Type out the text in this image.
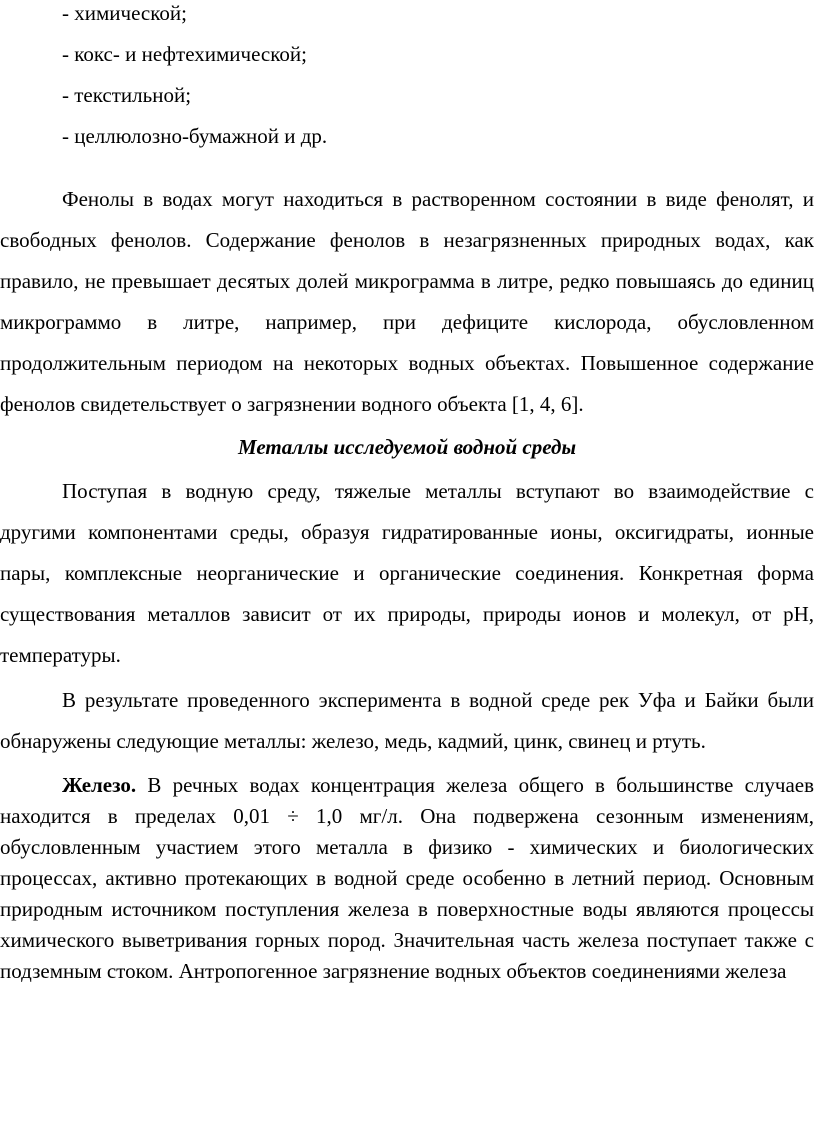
- химической;
- кокс- и нефтехимической;
- текстильной;
- целлюлозно-бумажной и др.

Фенолы в водах могут находиться в растворенном состоянии в виде фенолят, и свободных фенолов. Содержание фенолов в незагрязненных природных водах, как правило, не превышает десятых долей микрограмма в литре, редко повышаясь до единиц микрограммо в литре, например, при дефиците кислорода, обусловленном продолжительным периодом на некоторых водных объектах. Повышенное содержание фенолов свидетельствует о загрязнении водного объекта [1, 4, 6].

Металлы исследуемой водной среды

Поступая в водную среду, тяжелые металлы вступают во взаимодействие с другими компонентами среды, образуя гидратированные ионы, оксигидраты, ионные пары, комплексные неорганические и органические соединения. Конкретная форма существования металлов зависит от их природы, природы ионов и молекул, от pH, температуры.

В результате проведенного эксперимента в водной среде рек Уфа и Байки были обнаружены следующие металлы: железо, медь, кадмий, цинк, свинец и ртуть.

Железо. В речных водах концентрация железа общего в большинстве случаев находится в пределах 0,01 ÷ 1,0 мг/л. Она подвержена сезонным изменениям, обусловленным участием этого металла в физико - химических и биологических процессах, активно протекающих в водной среде особенно в летний период. Основным природным источником поступления железа в поверхностные воды являются процессы химического выветривания горных пород. Значительная часть железа поступает также с подземным стоком. Антропогенное загрязнение водных объектов соединениями железа
